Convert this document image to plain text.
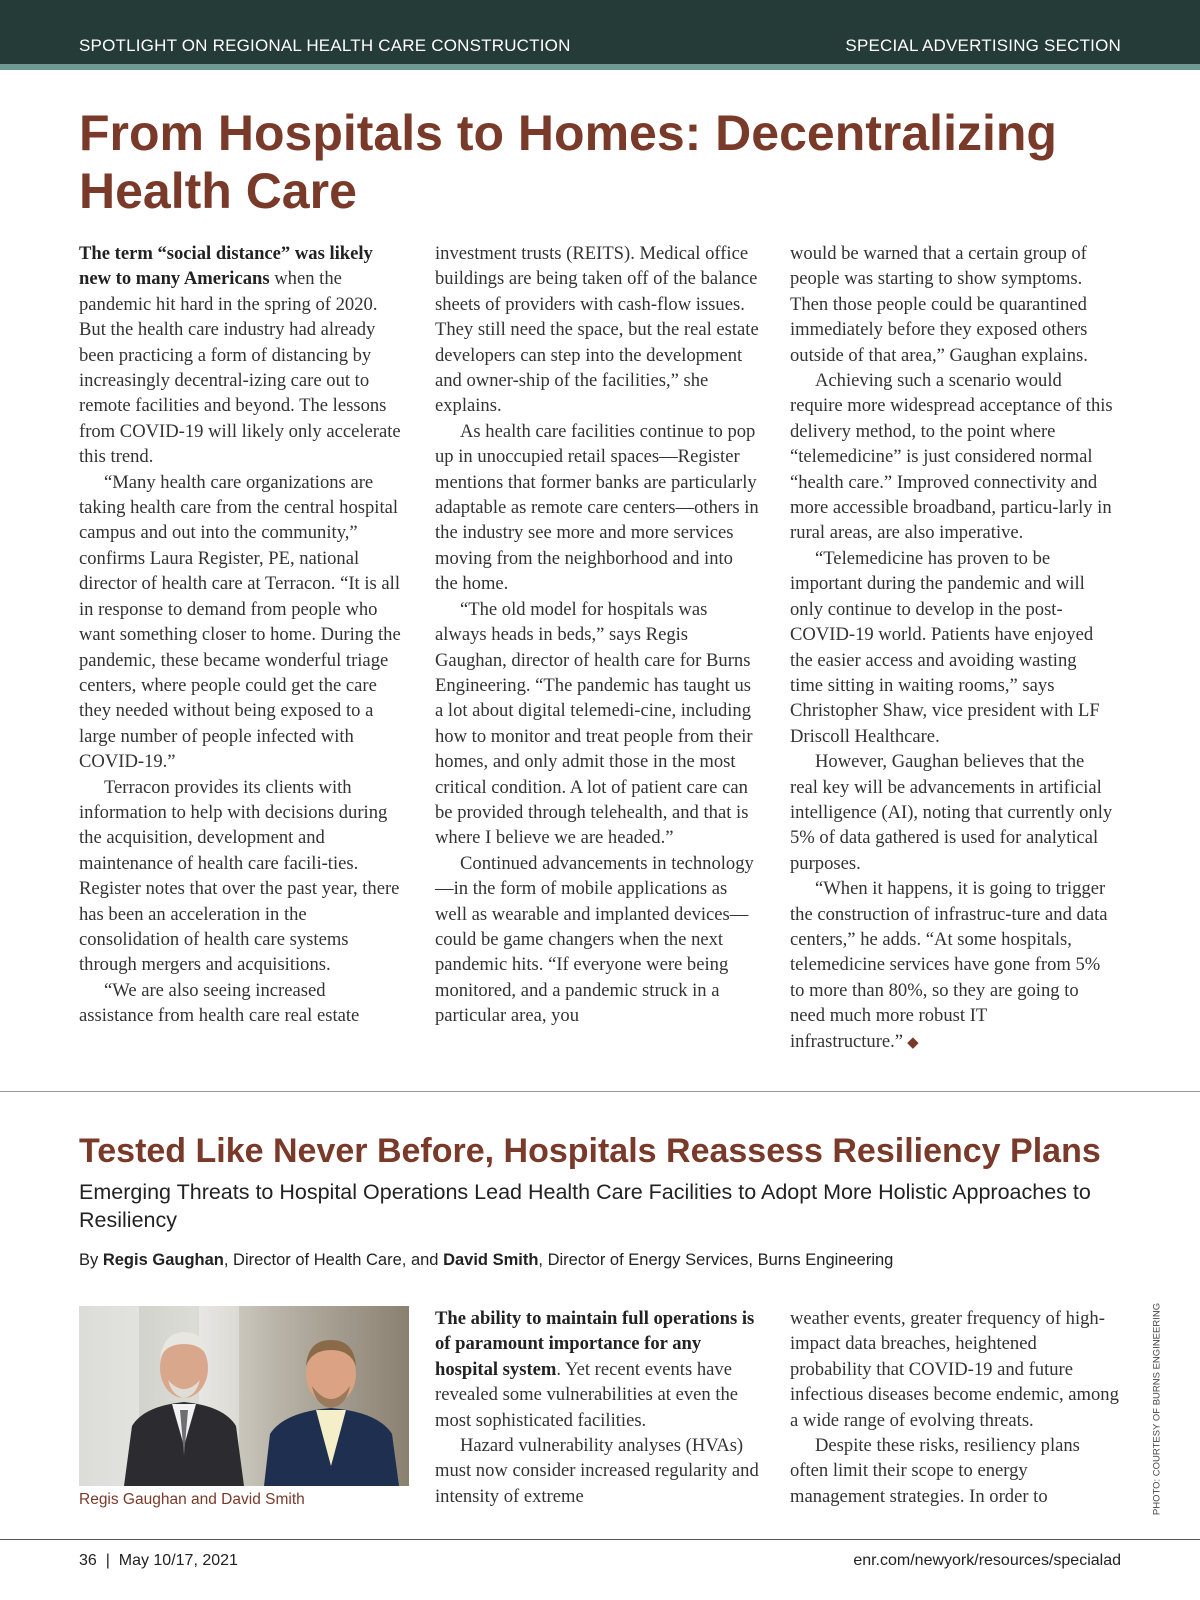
SPOTLIGHT ON REGIONAL HEALTH CARE CONSTRUCTION	SPECIAL ADVERTISING SECTION
From Hospitals to Homes: Decentralizing Health Care

The term “social distance” was likely new to many Americans when the pandemic hit hard in the spring of 2020. But the health care industry had already been practicing a form of distancing by increasingly decentral-izing care out to remote facilities and beyond. The lessons from COVID-19 will likely only accelerate this trend.

“Many health care organizations are taking health care from the central hospital campus and out into the community,” confirms Laura Register, PE, national director of health care at Terracon. “It is all in response to demand from people who want something closer to home. During the pandemic, these became wonderful triage centers, where people could get the care they needed without being exposed to a large number of people infected with COVID-19.”

Terracon provides its clients with information to help with decisions during the acquisition, development and maintenance of health care facili-ties. Register notes that over the past year, there has been an acceleration in the consolidation of health care systems through mergers and acquisitions.

“We are also seeing increased assistance from health care real estate

investment trusts (REITS). Medical office buildings are being taken off of the balance sheets of providers with cash-flow issues. They still need the space, but the real estate developers can step into the development and owner-ship of the facilities,” she explains.

As health care facilities continue to pop up in unoccupied retail spaces—Register mentions that former banks are particularly adaptable as remote care centers—others in the industry see more and more services moving from the neighborhood and into the home.

“The old model for hospitals was always heads in beds,” says Regis Gaughan, director of health care for Burns Engineering. “The pandemic has taught us a lot about digital telemedi-cine, including how to monitor and treat people from their homes, and only admit those in the most critical condition. A lot of patient care can be provided through telehealth, and that is where I believe we are headed.”

Continued advancements in technology—in the form of mobile applications as well as wearable and implanted devices—could be game changers when the next pandemic hits. “If everyone were being monitored, and a pandemic struck in a particular area, you

would be warned that a certain group of people was starting to show symptoms. Then those people could be quarantined immediately before they exposed others outside of that area,” Gaughan explains.

Achieving such a scenario would require more widespread acceptance of this delivery method, to the point where “telemedicine” is just considered normal “health care.” Improved connectivity and more accessible broadband, particu-larly in rural areas, are also imperative.

“Telemedicine has proven to be important during the pandemic and will only continue to develop in the post-COVID-19 world. Patients have enjoyed the easier access and avoiding wasting time sitting in waiting rooms,” says Christopher Shaw, vice president with LF Driscoll Healthcare.

However, Gaughan believes that the real key will be advancements in artificial intelligence (AI), noting that currently only 5% of data gathered is used for analytical purposes.

“When it happens, it is going to trigger the construction of infrastruc-ture and data centers,” he adds. “At some hospitals, telemedicine services have gone from 5% to more than 80%, so they are going to need much more robust IT infrastructure.” ◆

Tested Like Never Before, Hospitals Reassess Resiliency Plans
Emerging Threats to Hospital Operations Lead Health Care Facilities to Adopt More Holistic Approaches to Resiliency
By Regis Gaughan, Director of Health Care, and David Smith, Director of Energy Services, Burns Engineering
Regis Gaughan and David Smith

The ability to maintain full operations is of paramount importance for any hospital system. Yet recent events have revealed some vulnerabilities at even the most sophisticated facilities.

Hazard vulnerability analyses (HVAs) must now consider increased regularity and intensity of extreme

weather events, greater frequency of high-impact data breaches, heightened probability that COVID-19 and future infectious diseases become endemic, among a wide range of evolving threats.

Despite these risks, resiliency plans often limit their scope to energy management strategies. In order to	PHOTO: COURTESY OF BURNS ENGINEERING
36  |  May 10/17, 2021	enr.com/newyork/resources/specialad
